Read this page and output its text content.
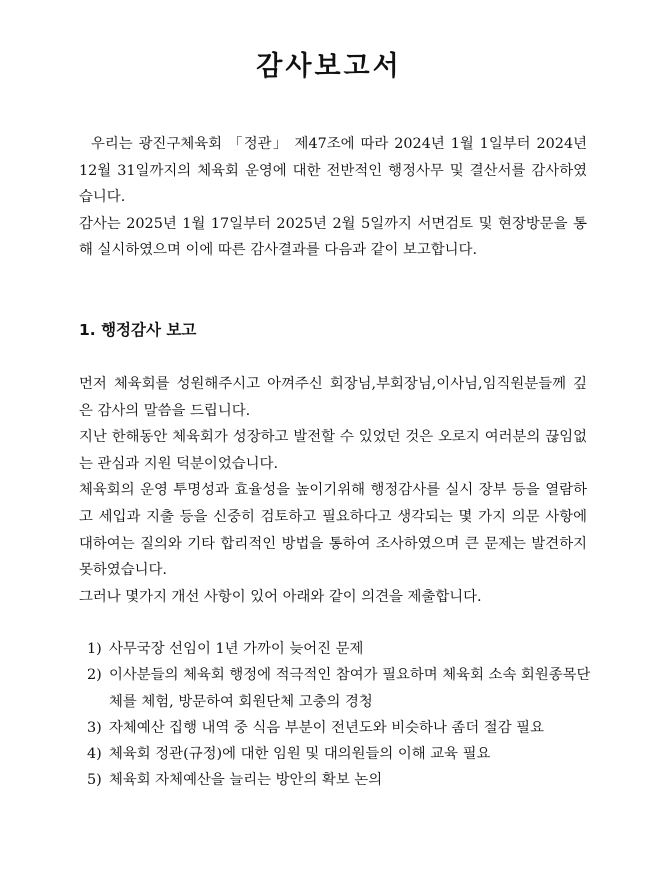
감사보고서

우리는 광진구체육회 「정관」 제47조에 따라 2024년 1월 1일부터 2024년 12월 31일까지의 체육회 운영에 대한 전반적인 행정사무 및 결산서를 감사하였습니다.

감사는 2025년 1월 17일부터 2025년 2월 5일까지 서면검토 및 현장방문을 통해 실시하였으며 이에 따른 감사결과를 다음과 같이 보고합니다.

1. 행정감사 보고

먼저 체육회를 성원해주시고 아껴주신 회장님,부회장님,이사님,임직원분들께 깊은 감사의 말씀을 드립니다.

지난 한해동안 체육회가 성장하고 발전할 수 있었던 것은 오로지 여러분의 끊임없는 관심과 지원 덕분이었습니다.

체육회의 운영 투명성과 효율성을 높이기위해 행정감사를 실시 장부 등을 열람하고 세입과 지출 등을 신중히 검토하고 필요하다고 생각되는 몇 가지 의문 사항에 대하여는 질의와 기타 합리적인 방법을 통하여 조사하였으며 큰 문제는 발견하지 못하였습니다.

그러나 몇가지 개선 사항이 있어 아래와 같이 의견을 제출합니다.

1) 사무국장 선임이 1년 가까이 늦어진 문제
2) 이사분들의 체육회 행정에 적극적인 참여가 필요하며 체육회 소속 회원종목단체를 체험, 방문하여 회원단체 고충의 경청
3) 자체예산 집행 내역 중 식음 부분이 전년도와 비슷하나 좀더 절감 필요
4) 체육회 정관(규정)에 대한 임원 및 대의원들의 이해 교육 필요
5) 체육회 자체예산을 늘리는 방안의 확보 논의
